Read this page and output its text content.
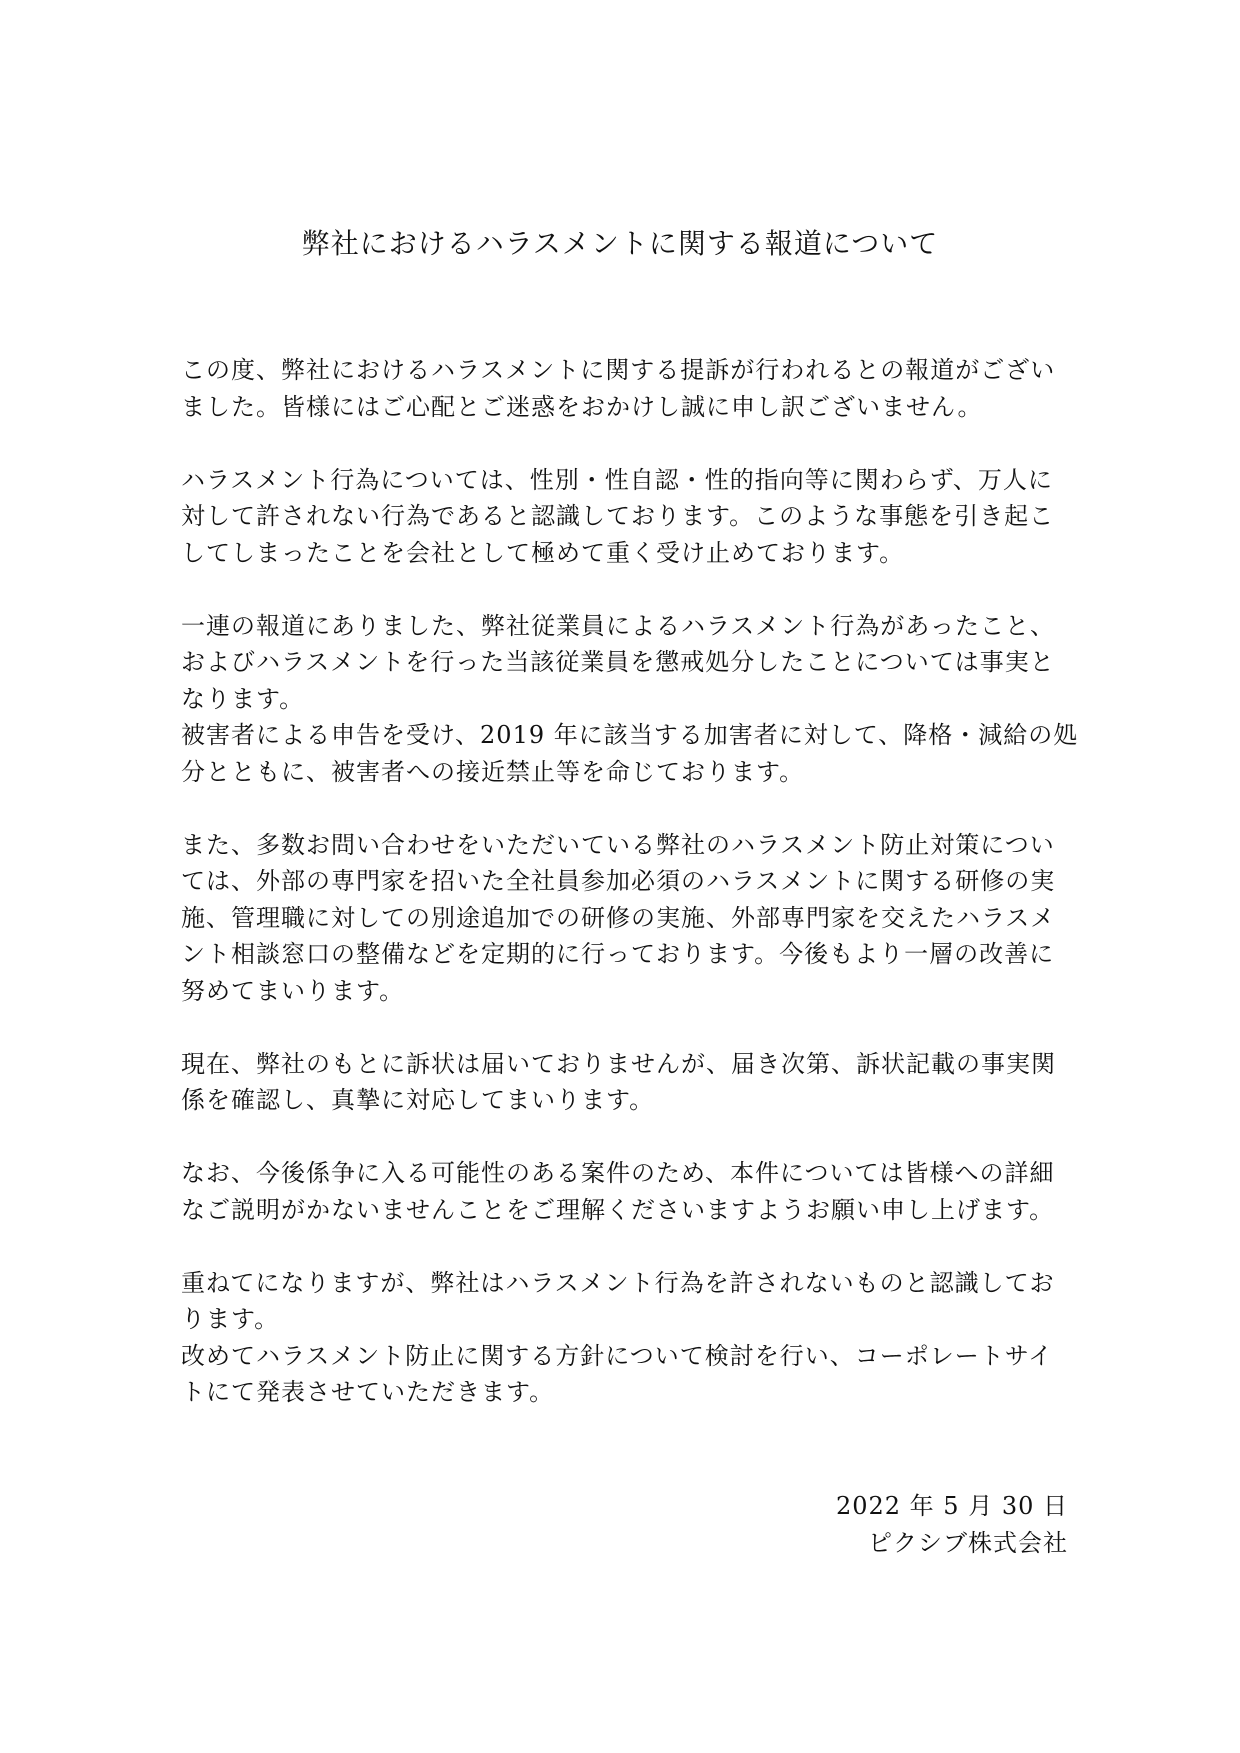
弊社におけるハラスメントに関する報道について
この度、弊社におけるハラスメントに関する提訴が行われるとの報道がござい
ました。皆様にはご心配とご迷惑をおかけし誠に申し訳ございません。
ハラスメント行為については、性別・性自認・性的指向等に関わらず、万人に
対して許されない行為であると認識しております。このような事態を引き起こ
してしまったことを会社として極めて重く受け止めております。
一連の報道にありました、弊社従業員によるハラスメント行為があったこと、
およびハラスメントを行った当該従業員を懲戒処分したことについては事実と
なります。
被害者による申告を受け、2019 年に該当する加害者に対して、降格・減給の処
分とともに、被害者への接近禁止等を命じております。
また、多数お問い合わせをいただいている弊社のハラスメント防止対策につい
ては、外部の専門家を招いた全社員参加必須のハラスメントに関する研修の実
施、管理職に対しての別途追加での研修の実施、外部専門家を交えたハラスメ
ント相談窓口の整備などを定期的に行っております。今後もより一層の改善に
努めてまいります。
現在、弊社のもとに訴状は届いておりませんが、届き次第、訴状記載の事実関
係を確認し、真摯に対応してまいります。
なお、今後係争に入る可能性のある案件のため、本件については皆様への詳細
なご説明がかないませんことをご理解くださいますようお願い申し上げます。
重ねてになりますが、弊社はハラスメント行為を許されないものと認識してお
ります。
改めてハラスメント防止に関する方針について検討を行い、コーポレートサイ
トにて発表させていただきます。
2022 年 5 月 30 日
ピクシブ株式会社
